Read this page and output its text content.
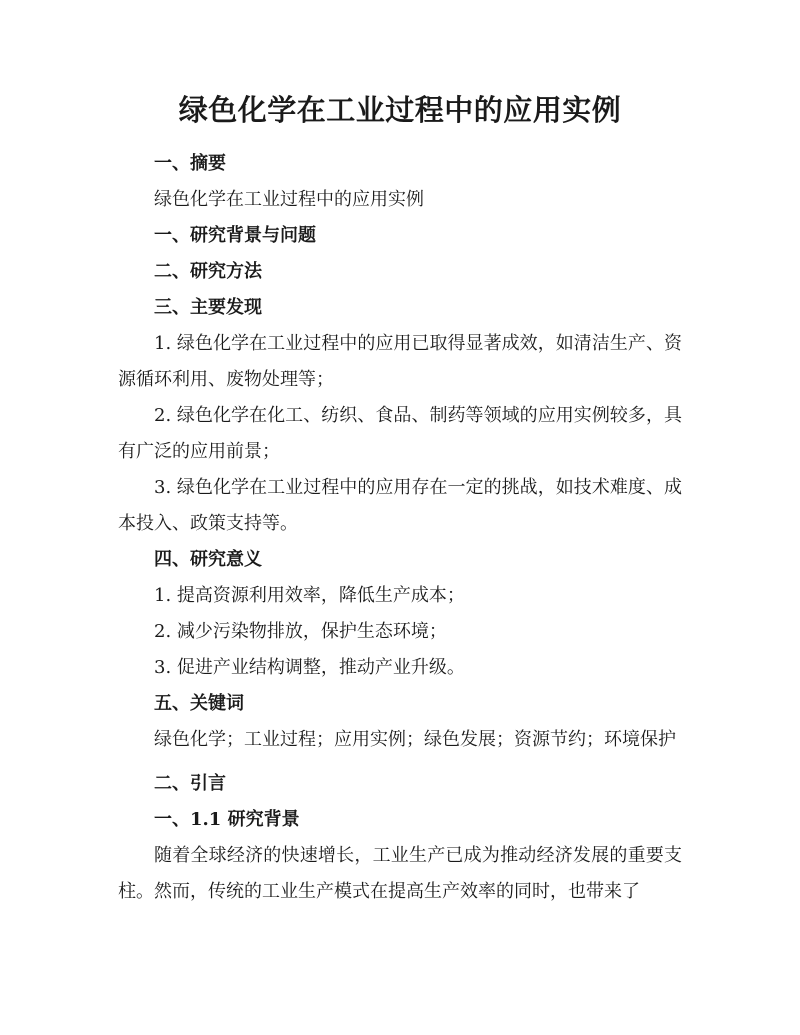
绿色化学在工业过程中的应用实例

一、摘要

绿色化学在工业过程中的应用实例

一、研究背景与问题

二、研究方法

三、主要发现

1. 绿色化学在工业过程中的应用已取得显著成效，如清洁生产、资源循环利用、废物处理等；

2. 绿色化学在化工、纺织、食品、制药等领域的应用实例较多，具有广泛的应用前景；

3. 绿色化学在工业过程中的应用存在一定的挑战，如技术难度、成本投入、政策支持等。

四、研究意义

1. 提高资源利用效率，降低生产成本；

2. 减少污染物排放，保护生态环境；

3. 促进产业结构调整，推动产业升级。

五、关键词

绿色化学；工业过程；应用实例；绿色发展；资源节约；环境保护

二、引言

一、1.1 研究背景

随着全球经济的快速增长，工业生产已成为推动经济发展的重要支柱。然而，传统的工业生产模式在提高生产效率的同时，也带来了
